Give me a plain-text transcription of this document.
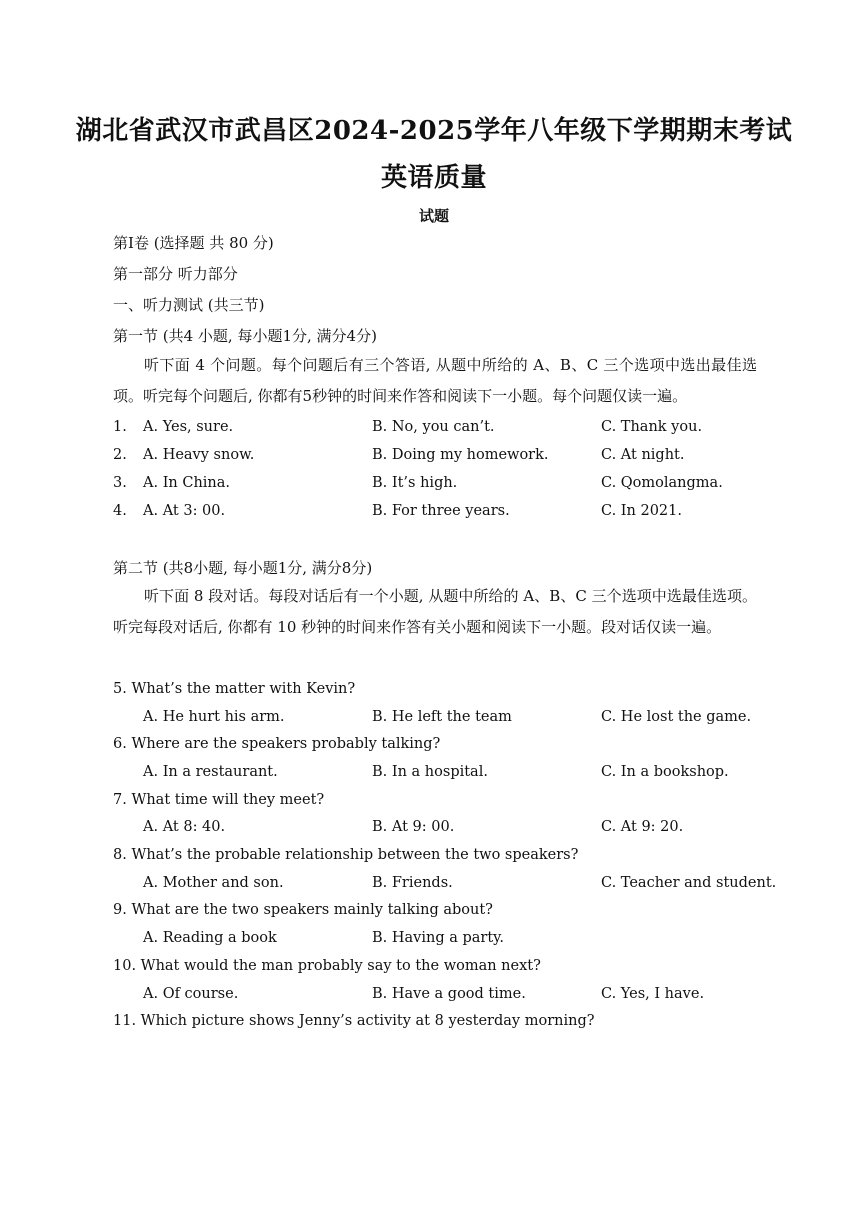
湖北省武汉市武昌区2024-2025学年八年级下学期期末考试
英语质量
试题
第I卷 (选择题 共 80 分)
第一部分 听力部分
一、听力测试 (共三节)
第一节 (共4 小题, 每小题1分, 满分4分)
听下面 4 个问题。每个问题后有三个答语, 从题中所给的 A、B、C 三个选项中选出最佳选项。听完每个问题后, 你都有5秒钟的时间来作答和阅读下一小题。每个问题仅读一遍。
1. A. Yes, sure.	B. No, you can’t.	C. Thank you.
2. A. Heavy snow.	B. Doing my homework.	C. At night.
3. A. In China.	B. It’s high.	C. Qomolangma.
4. A. At 3: 00.	B. For three years.	C. In 2021.
第二节 (共8小题, 每小题1分, 满分8分)
听下面 8 段对话。每段对话后有一个小题, 从题中所给的 A、B、C 三个选项中选最佳选项。听完每段对话后, 你都有 10 秒钟的时间来作答有关小题和阅读下一小题。段对话仅读一遍。
5. What’s the matter with Kevin?
A. He hurt his arm.	B. He left the team	C. He lost the game.
6. Where are the speakers probably talking?
A. In a restaurant.	B. In a hospital.	C. In a bookshop.
7. What time will they meet?
A. At 8: 40.	B. At 9: 00.	C. At 9: 20.
8. What’s the probable relationship between the two speakers?
A. Mother and son.	B. Friends.	C. Teacher and student.
9. What are the two speakers mainly talking about?
A. Reading a book	B. Having a party.
10. What would the man probably say to the woman next?
A. Of course.	B. Have a good time.	C. Yes, I have.
11. Which picture shows Jenny’s activity at 8 yesterday morning?
